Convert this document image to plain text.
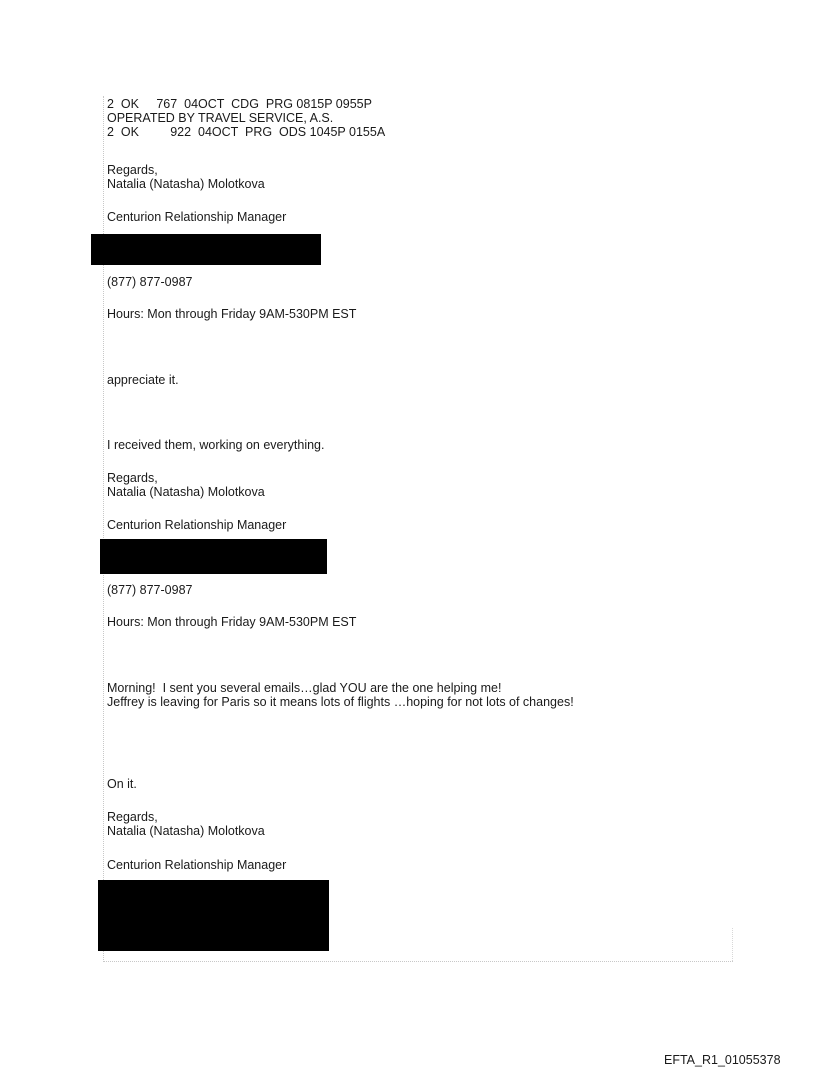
2  OK     767  04OCT  CDG  PRG 0815P 0955P
OPERATED BY TRAVEL SERVICE, A.S.
2  OK         922  04OCT  PRG  ODS 1045P 0155A
Regards,
Natalia (Natasha) Molotkova
Centurion Relationship Manager
(877) 877-0987
Hours: Mon through Friday 9AM-530PM EST
appreciate it.
I received them, working on everything.
Regards,
Natalia (Natasha) Molotkova
Centurion Relationship Manager
(877) 877-0987
Hours: Mon through Friday 9AM-530PM EST
Morning!  I sent you several emails…glad YOU are the one helping me!
Jeffrey is leaving for Paris so it means lots of flights …hoping for not lots of changes!
On it.
Regards,
Natalia (Natasha) Molotkova
Centurion Relationship Manager
EFTA_R1_01055378
